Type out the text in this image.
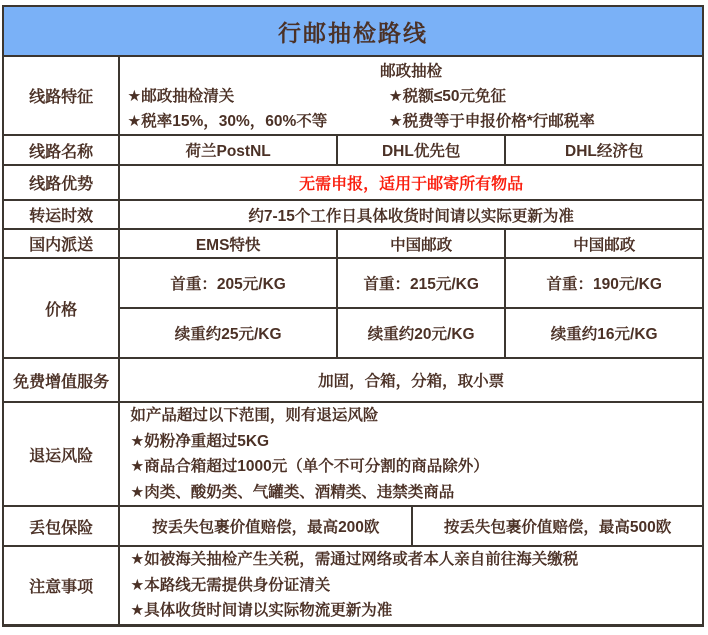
行邮抽检路线			
线路特征	邮政抽检
★邮政抽检清关 ★税额≤50元免征
★税率15%，30%，60%不等 ★税费等于申报价格*行邮税率		

线路名称	荷兰PostNL	DHL优先包	DHL经济包
线路优势	无需申报，适用于邮寄所有物品		
转运时效	约7-15个工作日具体收货时间请以实际更新为准		
国内派送	EMS特快	中国邮政	中国邮政
价格	首重：205元/KG	首重：215元/KG	首重：190元/KG
	续重约25元/KG	续重约20元/KG	续重约16元/KG
免费增值服务	加固，合箱，分箱，取小票		
退运风险	如产品超过以下范围，则有退运风险
★奶粉净重超过5KG
★商品合箱超过1000元（单个不可分割的商品除外）
★肉类、酸奶类、气罐类、酒精类、违禁类商品		

丢包保险	按丢失包裹价值赔偿，最高200欧 按丢失包裹价值赔偿，最高500欧		

注意事项	★如被海关抽检产生关税，需通过网络或者本人亲自前往海关缴税
★本路线无需提供身份证清关
★具体收货时间请以实际物流更新为准		
